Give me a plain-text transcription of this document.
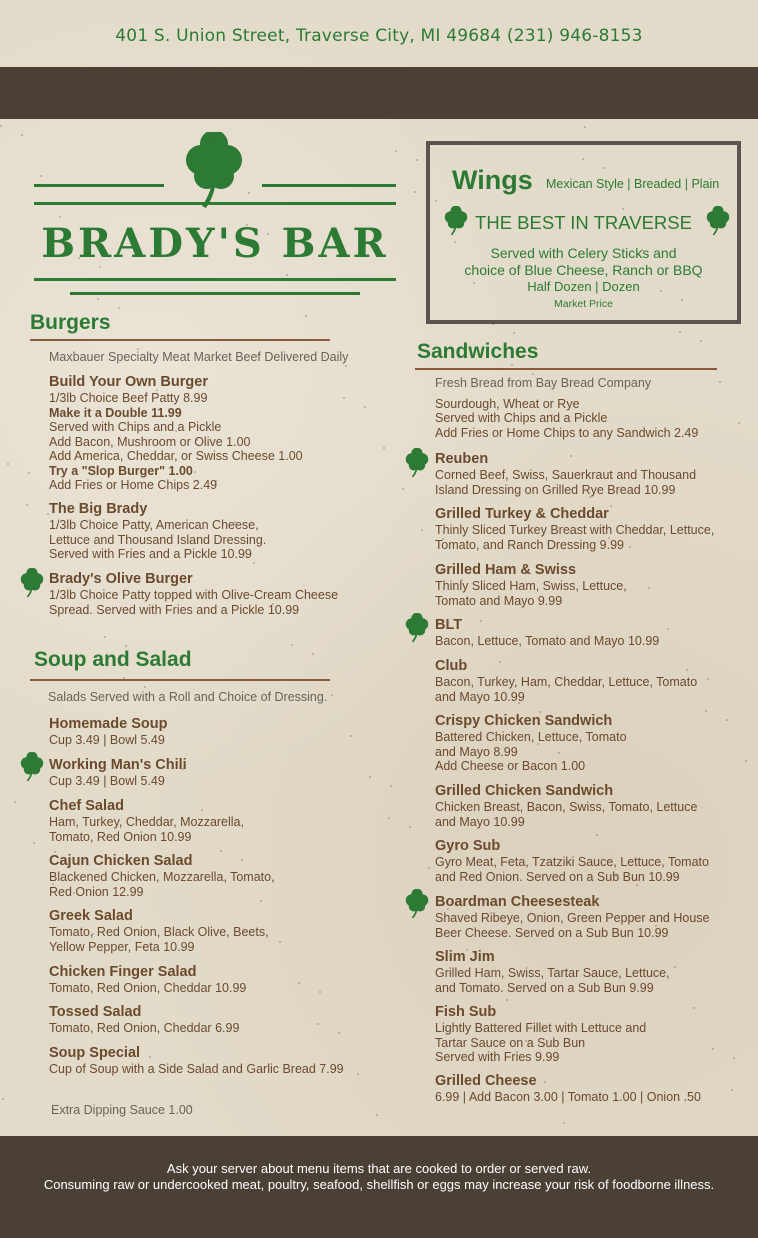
401 S. Union Street, Traverse City, MI 49684 (231) 946-8153
BRADY'S BAR
Wings Mexican Style | Breaded | Plain
THE BEST IN TRAVERSE
Served with Celery Sticks and
choice of Blue Cheese, Ranch or BBQ
Half Dozen | Dozen
Market Price
Burgers
Maxbauer Specialty Meat Market Beef Delivered Daily
Soup and Salad
Salads Served with a Roll and Choice of Dressing.
Sandwiches
Fresh Bread from Bay Bread Company
Sourdough, Wheat or Rye
Served with Chips and a Pickle
Add Fries or Home Chips to any Sandwich 2.49
Extra Dipping Sauce 1.00
Build Your Own Burger
1/3lb Choice Beef Patty 8.99
Make it a Double 11.99
Served with Chips and a Pickle
Add Bacon, Mushroom or Olive 1.00
Add America, Cheddar, or Swiss Cheese 1.00
Try a "Slop Burger" 1.00
Add Fries or Home Chips 2.49
The Big Brady
1/3lb Choice Patty, American Cheese,
Lettuce and Thousand Island Dressing.
Served with Fries and a Pickle 10.99
Brady's Olive Burger
1/3lb Choice Patty topped with Olive-Cream Cheese
Spread. Served with Fries and a Pickle 10.99
Homemade Soup
Cup 3.49 | Bowl 5.49
Working Man's Chili
Cup 3.49 | Bowl 5.49
Chef Salad
Ham, Turkey, Cheddar, Mozzarella,
Tomato, Red Onion 10.99
Cajun Chicken Salad
Blackened Chicken, Mozzarella, Tomato,
Red Onion 12.99
Greek Salad
Tomato, Red Onion, Black Olive, Beets,
Yellow Pepper, Feta 10.99
Chicken Finger Salad
Tomato, Red Onion, Cheddar 10.99
Tossed Salad
Tomato, Red Onion, Cheddar 6.99
Soup Special
Cup of Soup with a Side Salad and Garlic Bread 7.99
Reuben
Corned Beef, Swiss, Sauerkraut and Thousand
Island Dressing on Grilled Rye Bread 10.99
Grilled Turkey & Cheddar
Thinly Sliced Turkey Breast with Cheddar, Lettuce,
Tomato, and Ranch Dressing 9.99
Grilled Ham & Swiss
Thinly Sliced Ham, Swiss, Lettuce,
Tomato and Mayo 9.99
BLT
Bacon, Lettuce, Tomato and Mayo 10.99
Club
Bacon, Turkey, Ham, Cheddar, Lettuce, Tomato
and Mayo 10.99
Crispy Chicken Sandwich
Battered Chicken, Lettuce, Tomato
and Mayo 8.99
Add Cheese or Bacon 1.00
Grilled Chicken Sandwich
Chicken Breast, Bacon, Swiss, Tomato, Lettuce
and Mayo 10.99
Gyro Sub
Gyro Meat, Feta, Tzatziki Sauce, Lettuce, Tomato
and Red Onion. Served on a Sub Bun 10.99
Boardman Cheesesteak
Shaved Ribeye, Onion, Green Pepper and House
Beer Cheese. Served on a Sub Bun 10.99
Slim Jim
Grilled Ham, Swiss, Tartar Sauce, Lettuce,
and Tomato. Served on a Sub Bun 9.99
Fish Sub
Lightly Battered Fillet with Lettuce and
Tartar Sauce on a Sub Bun
Served with Fries 9.99
Grilled Cheese
6.99 | Add Bacon 3.00 | Tomato 1.00 | Onion .50
Ask your server about menu items that are cooked to order or served raw.
Consuming raw or undercooked meat, poultry, seafood, shellfish or eggs may increase your risk of foodborne illness.
